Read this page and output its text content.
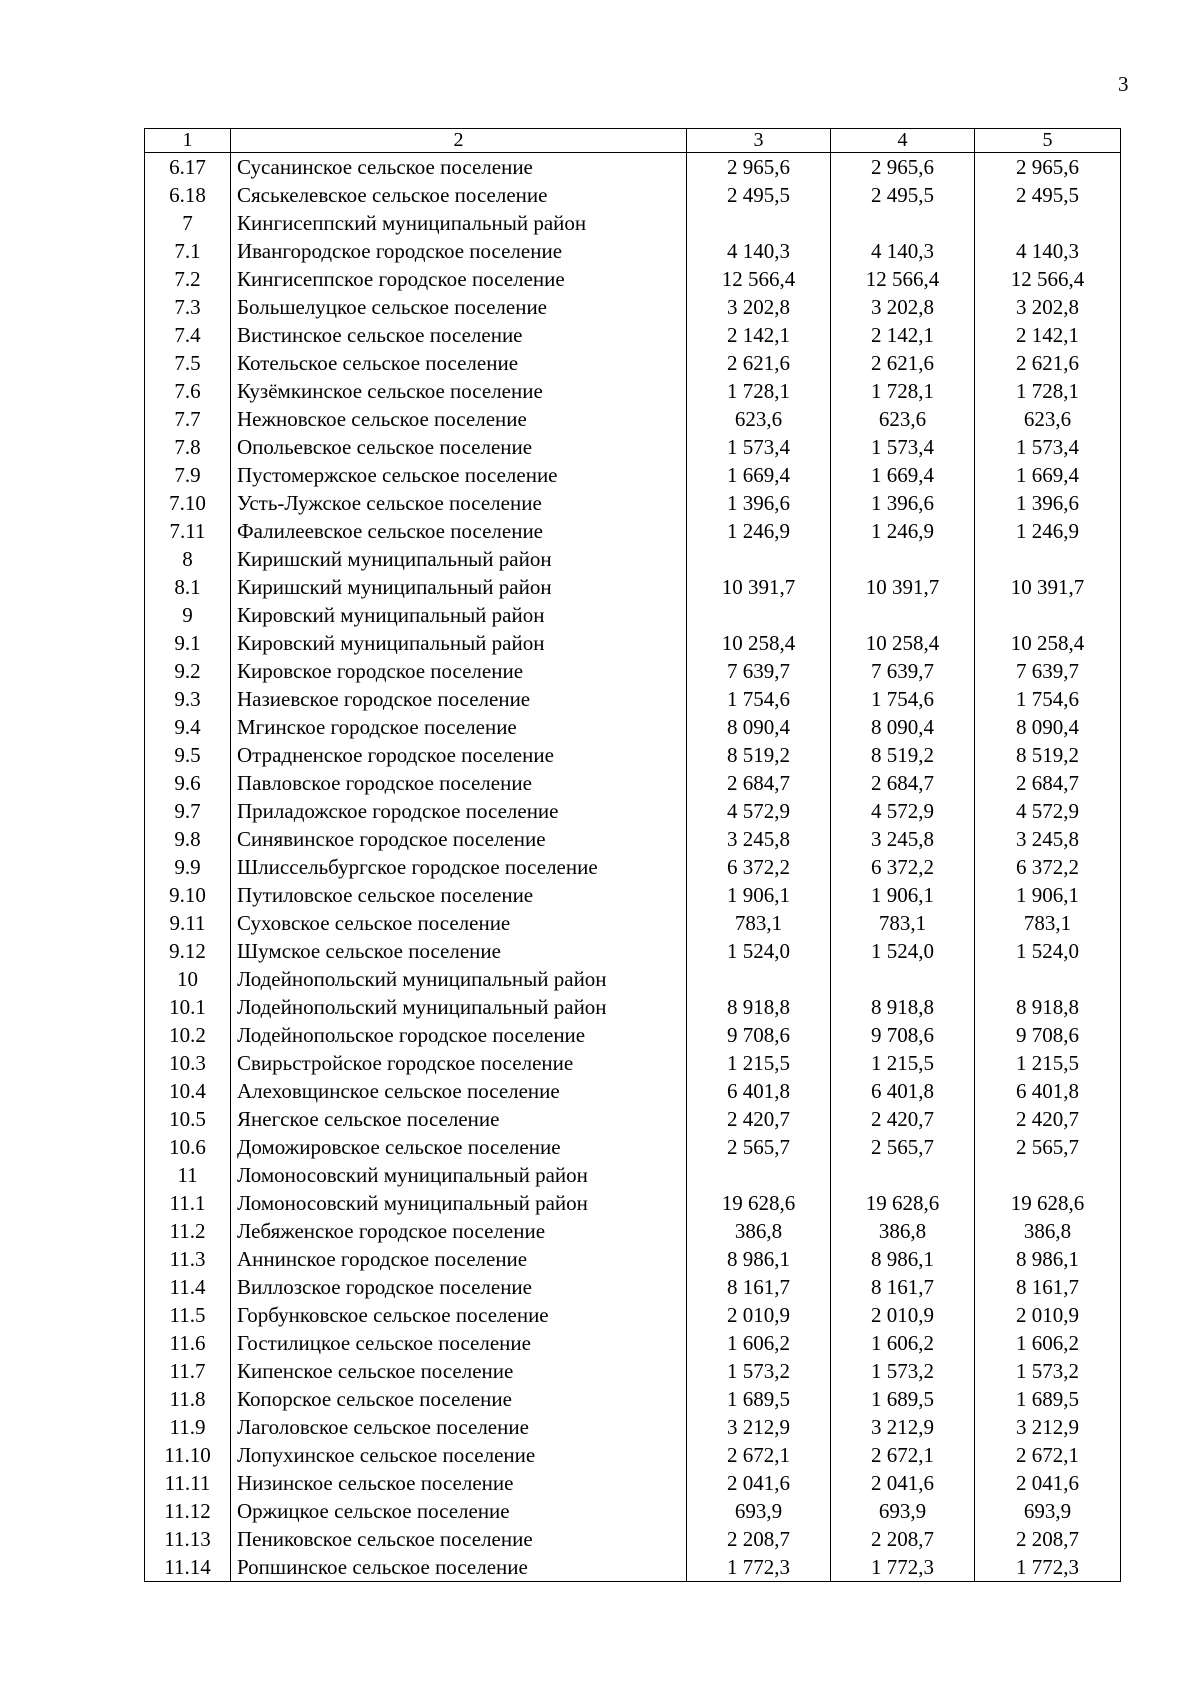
3
1	2	3	4	5
6.17	Сусанинское сельское поселение	2 965,6	2 965,6	2 965,6
6.18	Сяськелевское сельское поселение	2 495,5	2 495,5	2 495,5
7	Кингисеппский муниципальный район			
7.1	Ивангородское городское поселение	4 140,3	4 140,3	4 140,3
7.2	Кингисеппское городское поселение	12 566,4	12 566,4	12 566,4
7.3	Большелуцкое сельское поселение	3 202,8	3 202,8	3 202,8
7.4	Вистинское сельское поселение	2 142,1	2 142,1	2 142,1
7.5	Котельское сельское поселение	2 621,6	2 621,6	2 621,6
7.6	Кузёмкинское сельское поселение	1 728,1	1 728,1	1 728,1
7.7	Нежновское сельское поселение	623,6	623,6	623,6
7.8	Опольевское сельское поселение	1 573,4	1 573,4	1 573,4
7.9	Пустомержское сельское поселение	1 669,4	1 669,4	1 669,4
7.10	Усть-Лужское сельское поселение	1 396,6	1 396,6	1 396,6
7.11	Фалилеевское сельское поселение	1 246,9	1 246,9	1 246,9
8	Киришский муниципальный район			
8.1	Киришский муниципальный район	10 391,7	10 391,7	10 391,7
9	Кировский муниципальный район			
9.1	Кировский муниципальный район	10 258,4	10 258,4	10 258,4
9.2	Кировское городское поселение	7 639,7	7 639,7	7 639,7
9.3	Назиевское городское поселение	1 754,6	1 754,6	1 754,6
9.4	Мгинское городское поселение	8 090,4	8 090,4	8 090,4
9.5	Отрадненское городское поселение	8 519,2	8 519,2	8 519,2
9.6	Павловское городское поселение	2 684,7	2 684,7	2 684,7
9.7	Приладожское городское поселение	4 572,9	4 572,9	4 572,9
9.8	Синявинское городское поселение	3 245,8	3 245,8	3 245,8
9.9	Шлиссельбургское городское поселение	6 372,2	6 372,2	6 372,2
9.10	Путиловское сельское поселение	1 906,1	1 906,1	1 906,1
9.11	Суховское сельское поселение	783,1	783,1	783,1
9.12	Шумское сельское поселение	1 524,0	1 524,0	1 524,0
10	Лодейнопольский муниципальный район			
10.1	Лодейнопольский муниципальный район	8 918,8	8 918,8	8 918,8
10.2	Лодейнопольское городское поселение	9 708,6	9 708,6	9 708,6
10.3	Свирьстройское городское поселение	1 215,5	1 215,5	1 215,5
10.4	Алеховщинское сельское поселение	6 401,8	6 401,8	6 401,8
10.5	Янегское сельское поселение	2 420,7	2 420,7	2 420,7
10.6	Доможировское сельское поселение	2 565,7	2 565,7	2 565,7
11	Ломоносовский муниципальный район			
11.1	Ломоносовский муниципальный район	19 628,6	19 628,6	19 628,6
11.2	Лебяженское городское поселение	386,8	386,8	386,8
11.3	Аннинское городское поселение	8 986,1	8 986,1	8 986,1
11.4	Виллозское городское поселение	8 161,7	8 161,7	8 161,7
11.5	Горбунковское сельское поселение	2 010,9	2 010,9	2 010,9
11.6	Гостилицкое сельское поселение	1 606,2	1 606,2	1 606,2
11.7	Кипенское сельское поселение	1 573,2	1 573,2	1 573,2
11.8	Копорское сельское поселение	1 689,5	1 689,5	1 689,5
11.9	Лаголовское сельское поселение	3 212,9	3 212,9	3 212,9
11.10	Лопухинское сельское поселение	2 672,1	2 672,1	2 672,1
11.11	Низинское сельское поселение	2 041,6	2 041,6	2 041,6
11.12	Оржицкое сельское поселение	693,9	693,9	693,9
11.13	Пениковское сельское поселение	2 208,7	2 208,7	2 208,7
11.14	Ропшинское сельское поселение	1 772,3	1 772,3	1 772,3
